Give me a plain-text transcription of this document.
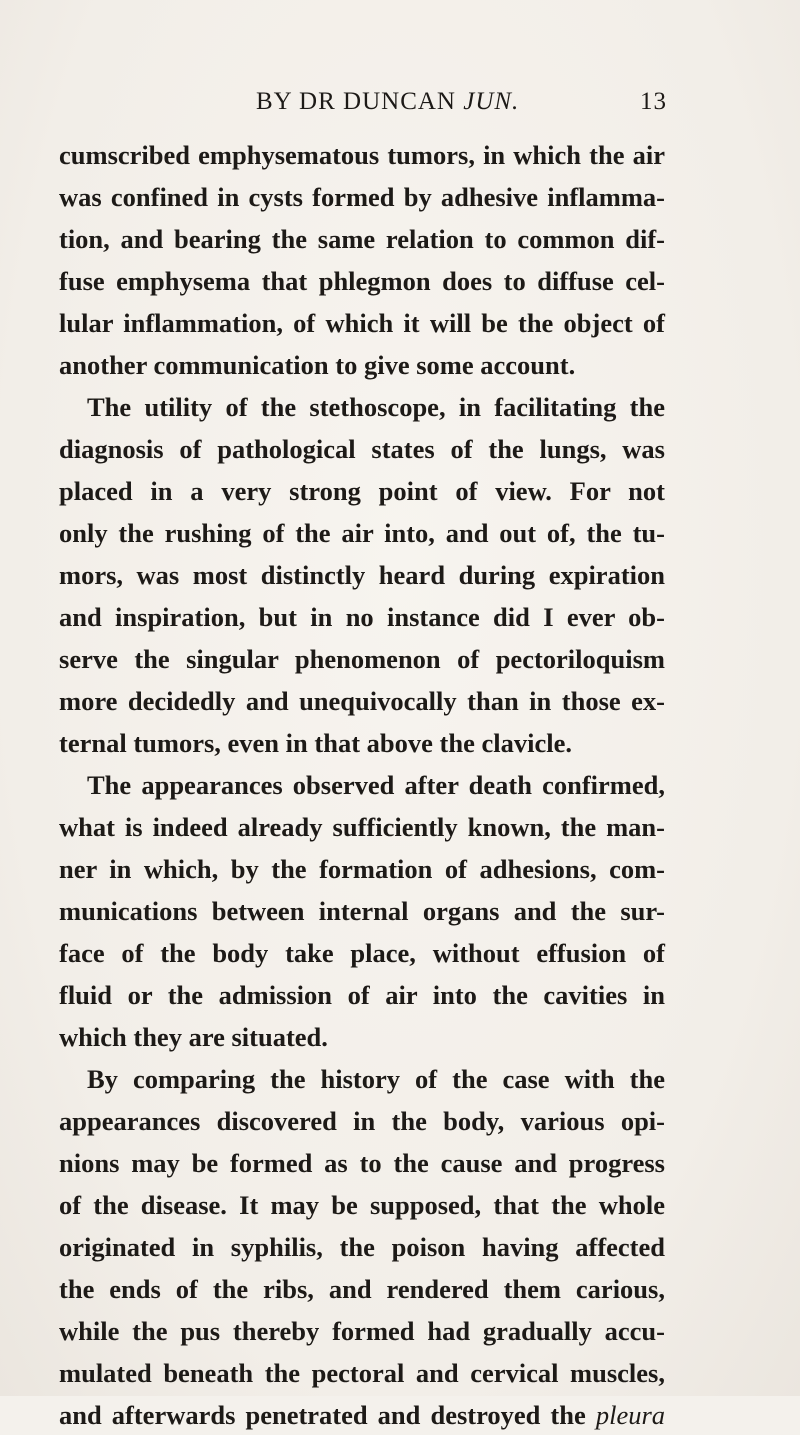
BY DR DUNCAN JUN.	13
cumscribed emphysematous tumors, in which the air
was confined in cysts formed by adhesive inflamma-
tion, and bearing the same relation to common dif-
fuse emphysema that phlegmon does to diffuse cel-
lular inflammation, of which it will be the object of
another communication to give some account.
The utility of the stethoscope, in facilitating the
diagnosis of pathological states of the lungs, was
placed in a very strong point of view. For not
only the rushing of the air into, and out of, the tu-
mors, was most distinctly heard during expiration
and inspiration, but in no instance did I ever ob-
serve the singular phenomenon of pectoriloquism
more decidedly and unequivocally than in those ex-
ternal tumors, even in that above the clavicle.
The appearances observed after death confirmed,
what is indeed already sufficiently known, the man-
ner in which, by the formation of adhesions, com-
munications between internal organs and the sur-
face of the body take place, without effusion of
fluid or the admission of air into the cavities in
which they are situated.
By comparing the history of the case with the
appearances discovered in the body, various opi-
nions may be formed as to the cause and progress
of the disease. It may be supposed, that the whole
originated in syphilis, the poison having affected
the ends of the ribs, and rendered them carious,
while the pus thereby formed had gradually accu-
mulated beneath the pectoral and cervical muscles,
and afterwards penetrated and destroyed the pleura
